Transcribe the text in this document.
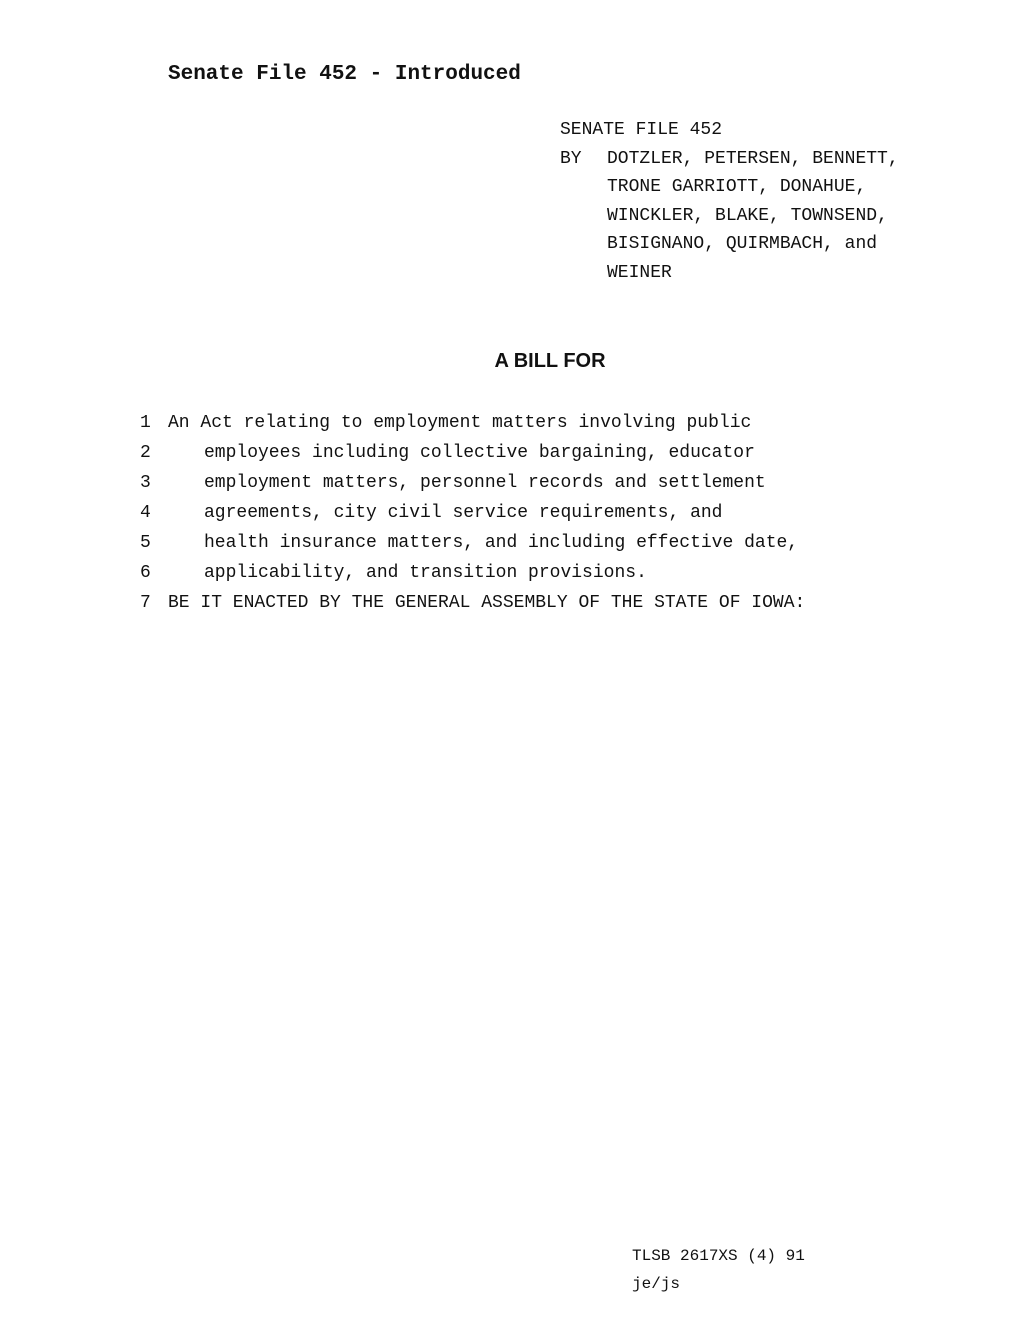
Senate File 452 - Introduced
SENATE FILE 452
BY	DOTZLER, PETERSEN, BENNETT,
TRONE GARRIOTT, DONAHUE,
WINCKLER, BLAKE, TOWNSEND,
BISIGNANO, QUIRMBACH, and
WEINER
A BILL FOR
1 An Act relating to employment matters involving public
2	employees including collective bargaining, educator
3	employment matters, personnel records and settlement
4	agreements, city civil service requirements, and
5	health insurance matters, and including effective date,
6	applicability, and transition provisions.
7 BE IT ENACTED BY THE GENERAL ASSEMBLY OF THE STATE OF IOWA:
TLSB 2617XS (4) 91
je/js
